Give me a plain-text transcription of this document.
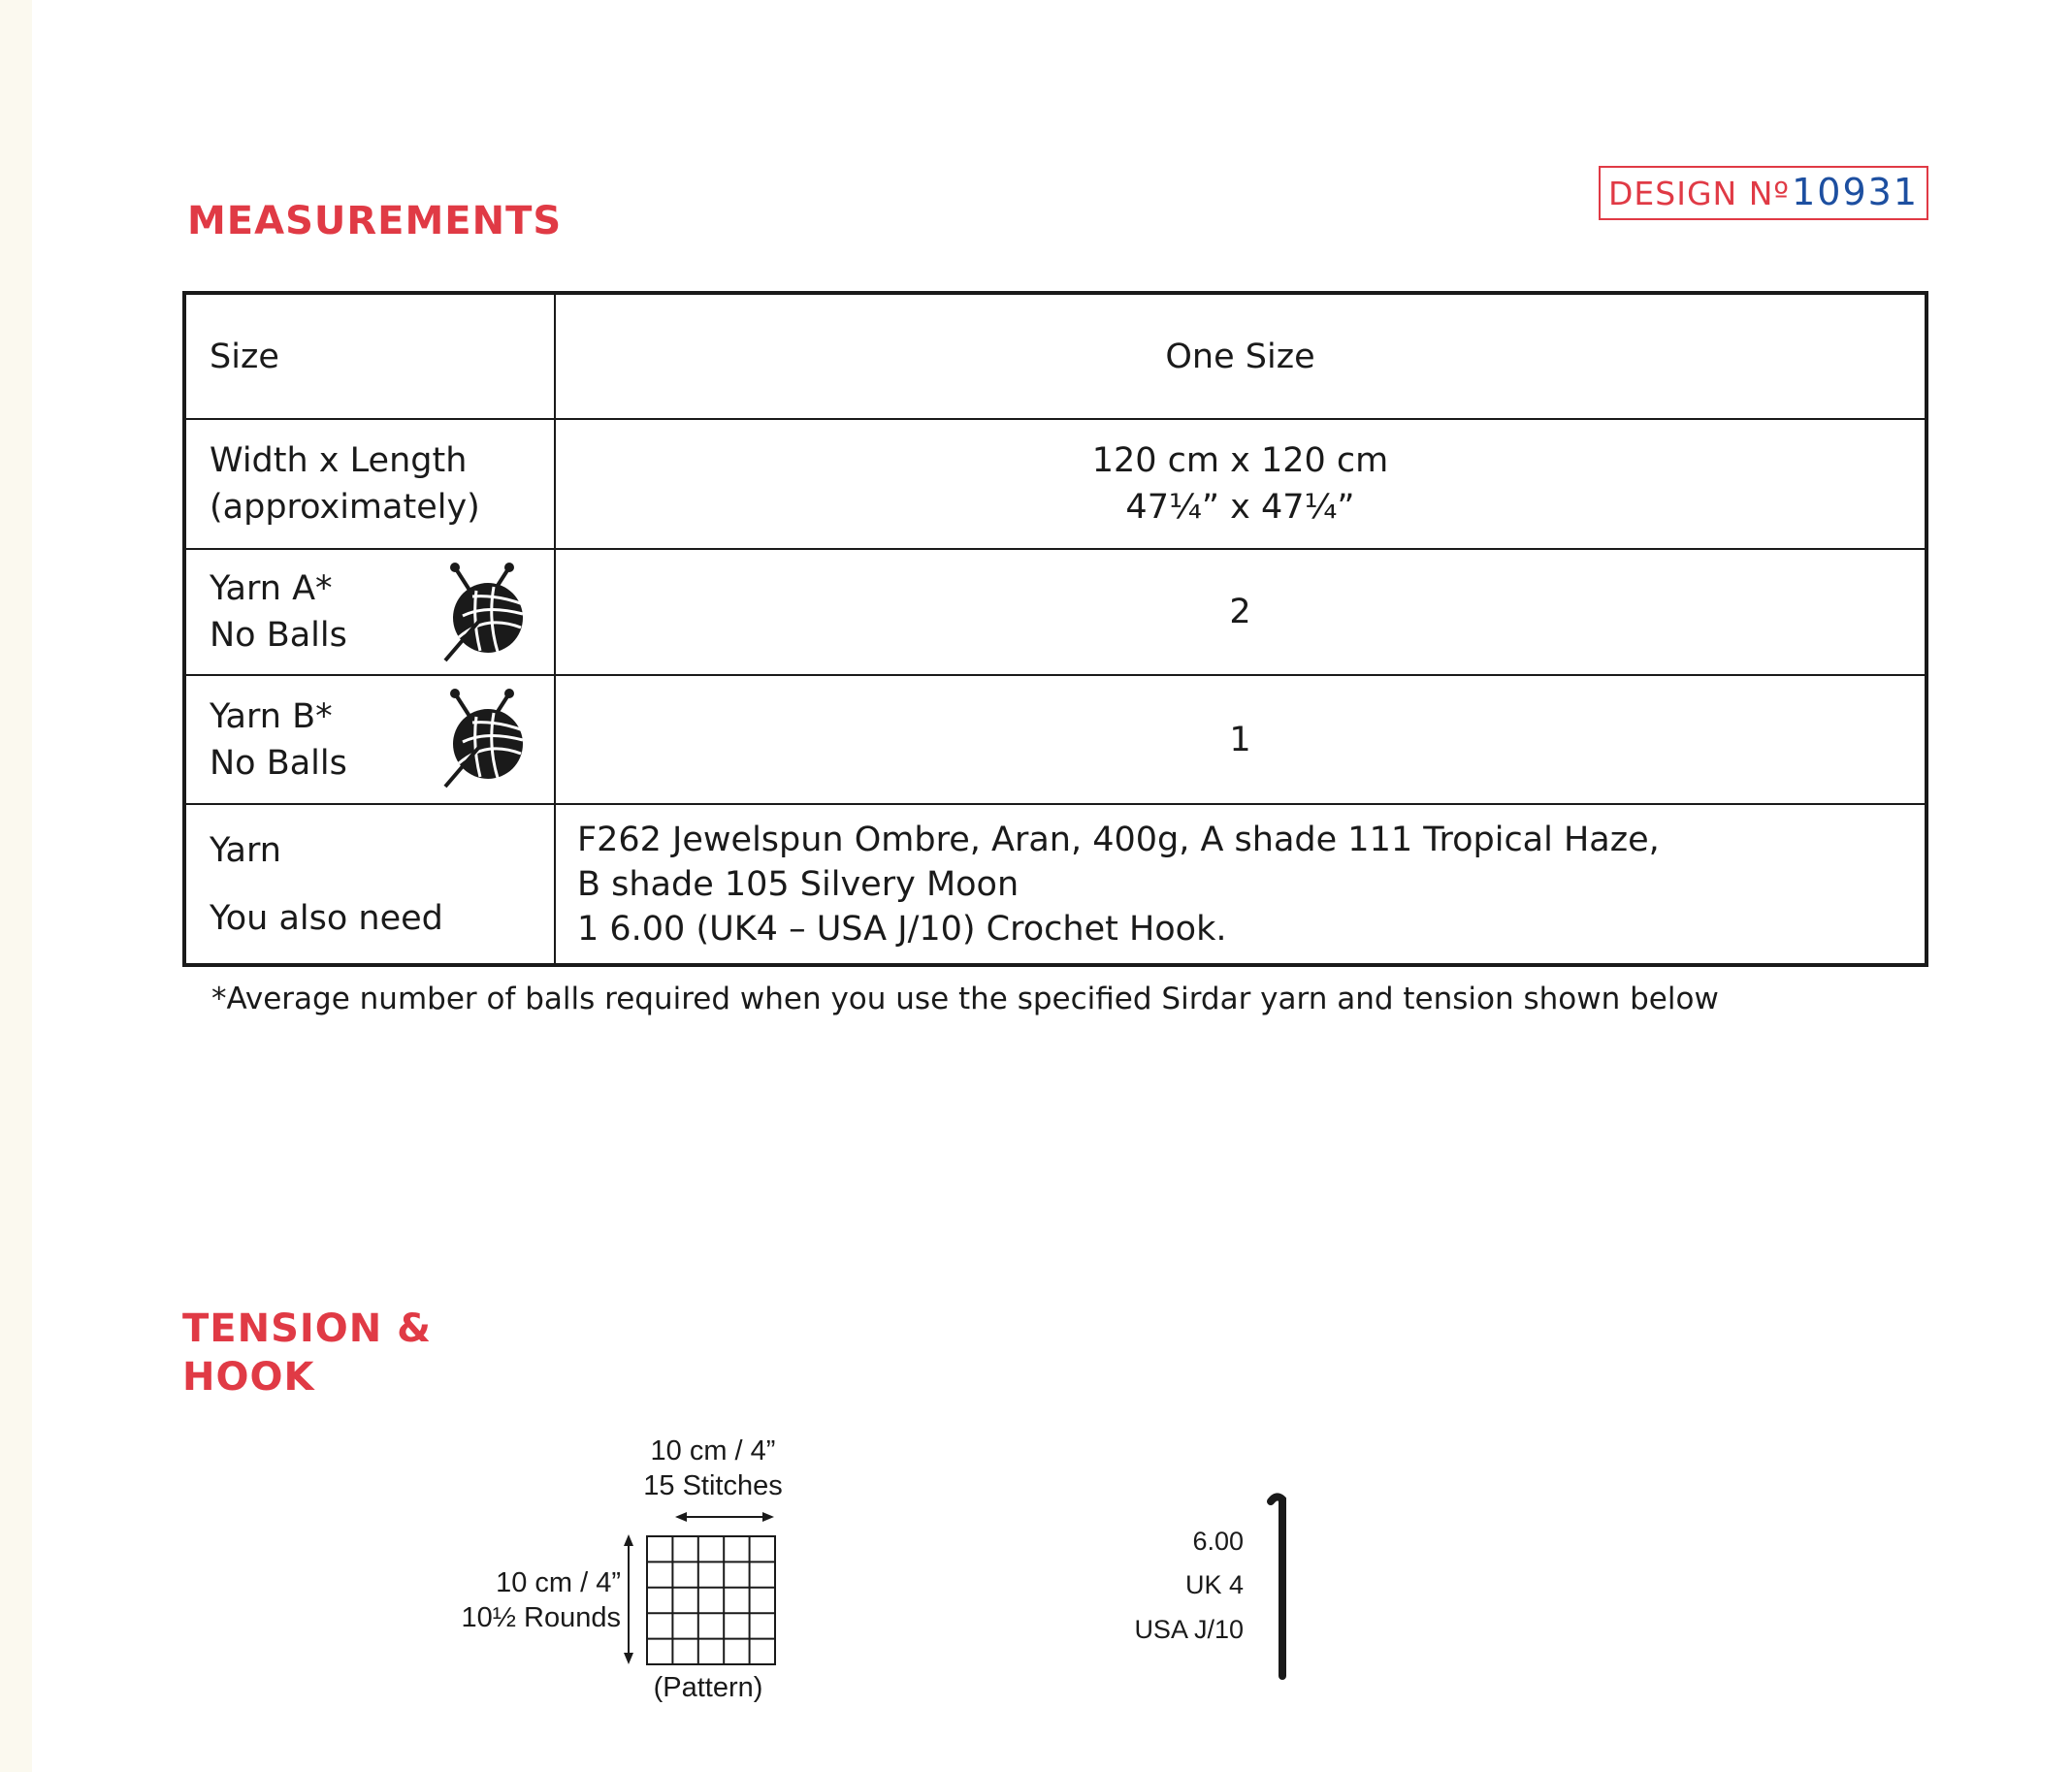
MEASUREMENTS
DESIGN Nº 10931
Size	One Size

Width x Length
(approximately)	120 cm x 120 cm
47¼” x 47¼”

Yarn A*
No Balls	2

Yarn B*
No Balls	1

Yarn
You also need	F262 Jewelspun Ombre, Aran, 400g, A shade 111 Tropical Haze,
B shade 105 Silvery Moon
1 6.00 (UK4 – USA J/10) Crochet Hook.
*Average number of balls required when you use the specified Sirdar yarn and tension shown below
TENSION &
HOOK
10 cm / 4”
15 Stitches
10 cm / 4”
10½ Rounds
(Pattern)
6.00
UK 4
USA J/10
